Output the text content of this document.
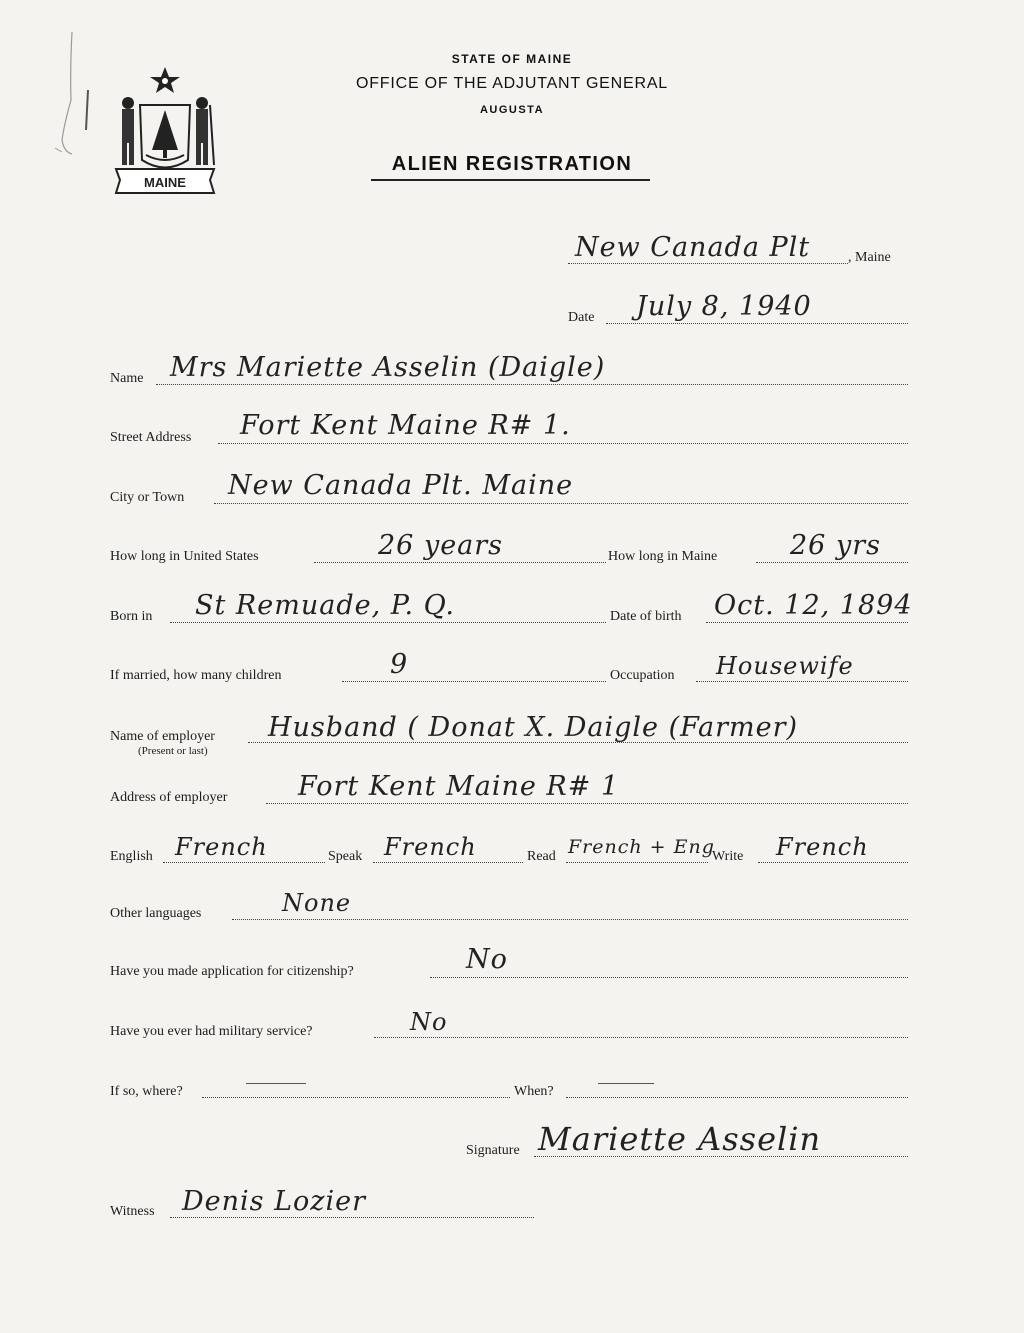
MAINE
STATE OF MAINE
OFFICE OF THE ADJUTANT GENERAL
AUGUSTA
ALIEN REGISTRATION
New Canada Plt	, Maine
Date July 8, 1940
Name Mrs Mariette Asselin (Daigle)
Street Address Fort Kent Maine R# 1.
City or Town New Canada Plt. Maine
How long in United States	26 years	How long in Maine	26 yrs
Born in St Remuade, P. Q.	Date of birth Oct. 12, 1894
If married, how many children	9	Occupation Housewife
Name of employer
(Present or last)
Husband ( Donat X. Daigle (Farmer)
Address of employer	Fort Kent Maine R# 1
English French	Speak French	Read French + Eng
Write French
Other languages	None
Have you made application for citizenship?	No
Have you ever had military service?	No
If so, where?	When?
Signature Mariette Asselin
Witness Denis Lozier
